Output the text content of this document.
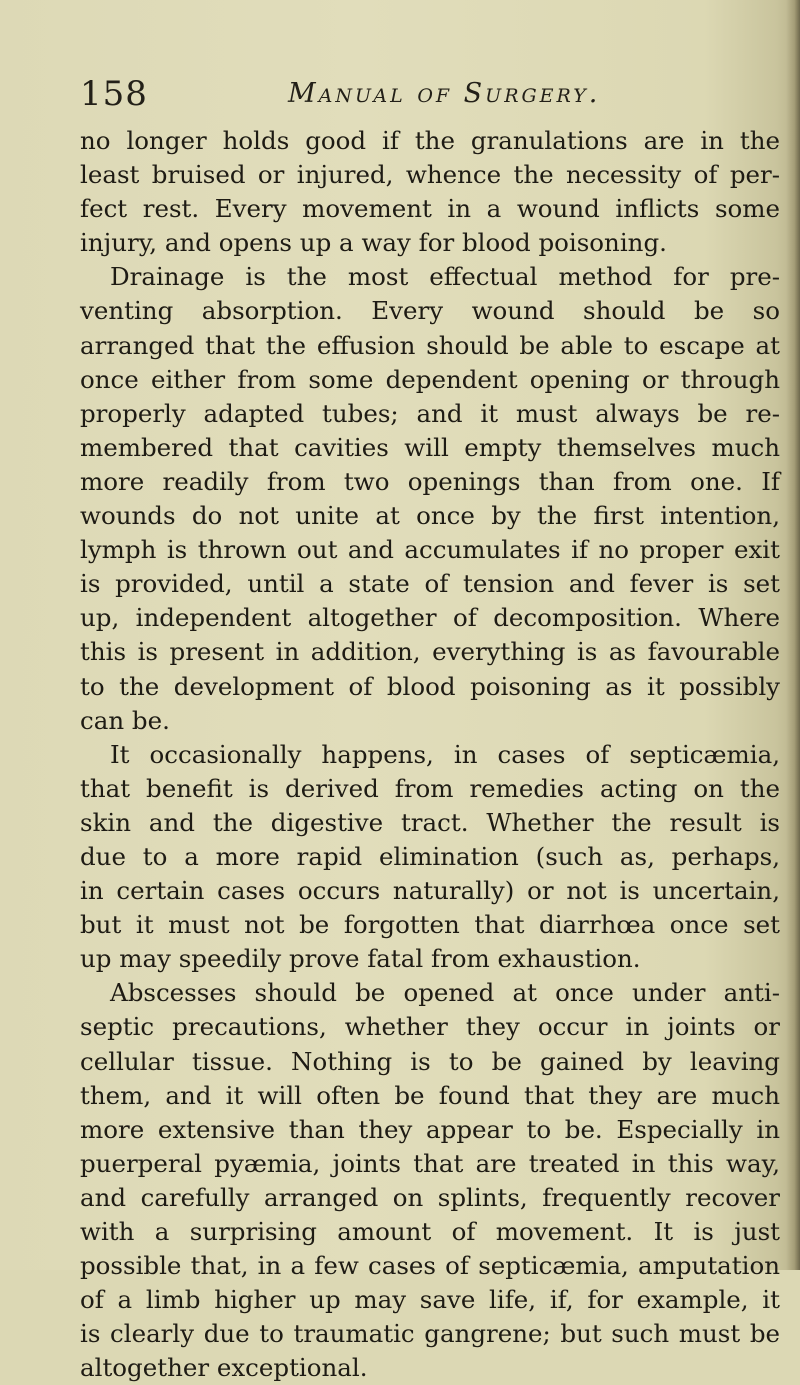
158	Manual of Surgery.
no longer holds good if the granulations are in the
least bruised or injured, whence the necessity of per-
fect rest. Every movement in a wound inflicts some
injury, and opens up a way for blood poisoning.
Drainage is the most effectual method for pre-
venting absorption. Every wound should be so
arranged that the effusion should be able to escape at
once either from some dependent opening or through
properly adapted tubes; and it must always be re-
membered that cavities will empty themselves much
more readily from two openings than from one. If
wounds do not unite at once by the first intention,
lymph is thrown out and accumulates if no proper exit
is provided, until a state of tension and fever is set
up, independent altogether of decomposition. Where
this is present in addition, everything is as favourable
to the development of blood poisoning as it possibly
can be.
It occasionally happens, in cases of septicæmia,
that benefit is derived from remedies acting on the
skin and the digestive tract. Whether the result is
due to a more rapid elimination (such as, perhaps,
in certain cases occurs naturally) or not is uncertain,
but it must not be forgotten that diarrhœa once set
up may speedily prove fatal from exhaustion.
Abscesses should be opened at once under anti-
septic precautions, whether they occur in joints or
cellular tissue. Nothing is to be gained by leaving
them, and it will often be found that they are much
more extensive than they appear to be. Especially in
puerperal pyæmia, joints that are treated in this way,
and carefully arranged on splints, frequently recover
with a surprising amount of movement. It is just
possible that, in a few cases of septicæmia, amputation
of a limb higher up may save life, if, for example, it
is clearly due to traumatic gangrene; but such must be
altogether exceptional.
